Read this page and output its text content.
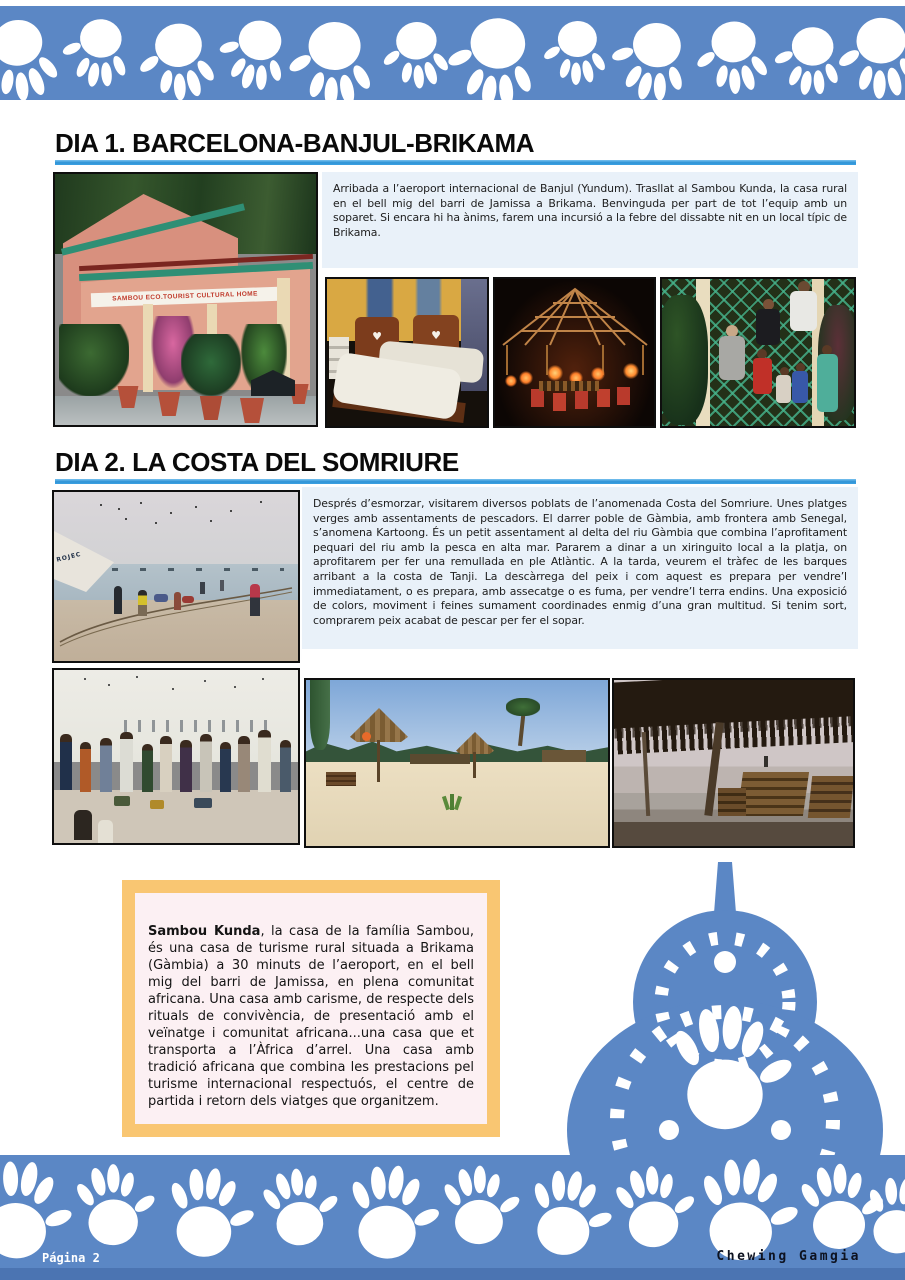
DIA 1. BARCELONA-BANJUL-BRIKAMA
SAMBOU ECO.TOURIST CULTURAL HOME
Arribada a l’aeroport internacional de Banjul (Yundum). Trasllat al Sambou Kunda, la casa rural en el bell mig del barri de Jamissa a Brikama. Benvinguda per part de tot l’equip amb un soparet. Si encara hi ha ànims, farem una incursió a la febre del dissabte nit en un local típic de Brikama.
♥	♥
DIA 2. LA COSTA DEL SOMRIURE
ROJEC
Després d’esmorzar, visitarem diversos poblats de l’anomenada Costa del Somriure. Unes platges verges amb assentaments de pescadors. El darrer poble de Gàmbia, amb frontera amb Senegal, s’anomena Kartoong. És un petit assentament al delta del riu Gàmbia que combina l’aprofitament pequari del riu amb la pesca en alta mar. Pararem a dinar a un xiringuito local a la platja, on aprofitarem per fer una remullada en ple Atlàntic. A la tarda, veurem el tràfec de les barques arribant a la costa de Tanji. La descàrrega del peix i com aquest es prepara per vendre’l immediatament, o es prepara, amb assecatge o es fuma, per vendre’l terra endins. Una exposició de colors, moviment i feines sumament coordinades enmig d’una gran multitud. Si tenim sort, comprarem peix acabat de pescar per fer el sopar.
Sambou Kunda, la casa de la família Sambou, és una casa de turisme rural situada a Brikama (Gàmbia) a 30 minuts de l’aeroport, en el bell mig del barri de Jamissa, en plena comunitat africana. Una casa amb carisme, de respecte dels rituals de convivència, de presentació amb el veïnatge i comunitat africana...una casa que et transporta a l’Àfrica d’arrel. Una casa amb tradició africana que combina les prestacions pel turisme internacional respectuós, el centre de partida i retorn dels viatges que organitzem.
Página 2	Chewing Gamgia
